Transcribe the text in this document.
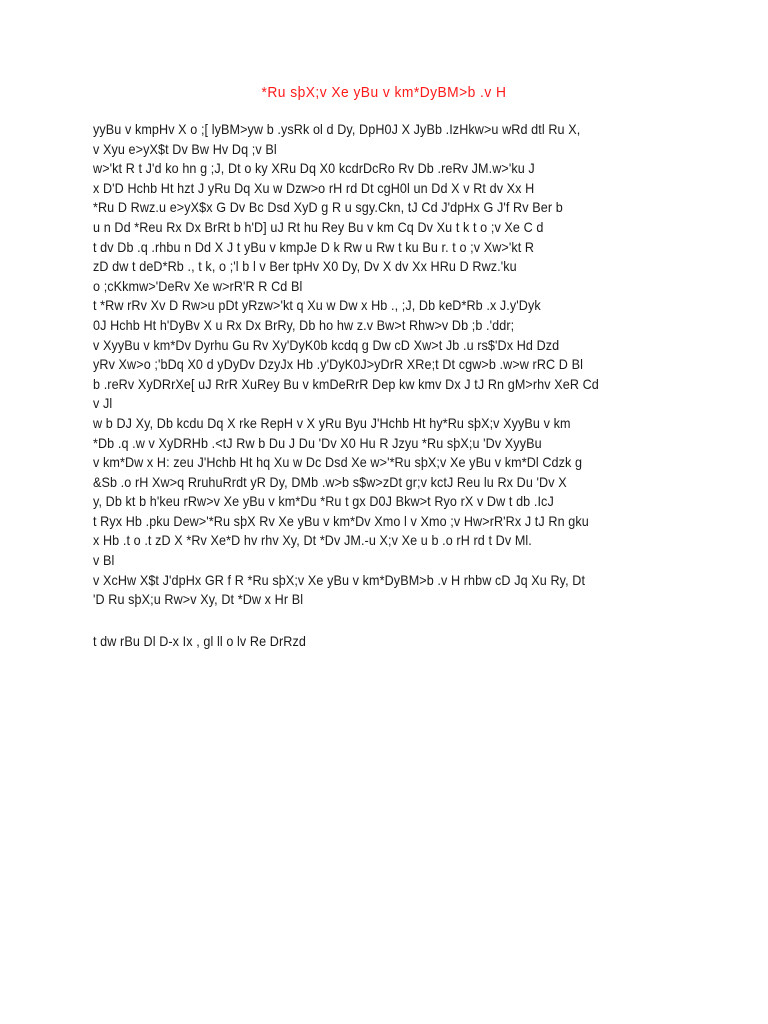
*Ru sþX;v Xe yBu v km*DyBM>b .v H
yyBu v kmpHv X o ;[ lyBM>yw b .ysRk ol d Dy, DpH0J X JyBb .IzHkw>u wRd dtl Ru X,
v Xyu e>yX$t Dv Bw Hv Dq ;v Bl
w>'kt R t J'd ko hn g ;J, Dt o ky XRu Dq X0 kcdrDcRo Rv Db .reRv JM.w>'ku J
x D'D Hchb Ht hzt J yRu Dq Xu w Dzw>o rH rd Dt cgH0l un Dd X v Rt dv Xx H
*Ru D Rwz.u e>yX$x G Dv Bc Dsd XyD g R u sgy.Ckn, tJ Cd J'dpHx G J'f Rv Ber b
u n Dd *Reu Rx Dx BrRt b h'D] uJ Rt hu Rey Bu v km Cq Dv Xu t k t o ;v Xe C d
t dv Db .q .rhbu n Dd X J t yBu v kmpJe D k Rw u Rw t ku Bu r. t o ;v Xw>'kt R
zD dw t deD*Rb ., t k, o ;'l b l v Ber tpHv X0 Dy, Dv X dv Xx HRu D Rwz.'ku
o ;cKkmw>'DeRv Xe w>rR'R R Cd Bl
t *Rw rRv Xv D Rw>u pDt yRzw>'kt q Xu w Dw x Hb ., ;J, Db keD*Rb .x J.y'Dyk
0J Hchb Ht h'DyBv X u Rx Dx BrRy, Db ho hw z.v Bw>t Rhw>v Db ;b .'ddr;
v XyyBu v km*Dv Dyrhu Gu Rv Xy'DyK0b kcdq g Dw cD Xw>t Jb .u rs$'Dx Hd Dzd
yRv Xw>o ;'bDq X0 d yDyDv DzyJx Hb .y'DyK0J>yDrR XRe;t Dt cgw>b .w>w rRC D Bl
b .reRv XyDRrXe[ uJ RrR XuRey Bu v kmDeRrR Dep kw kmv Dx J tJ Rn gM>rhv XeR Cd
v Jl
w b DJ Xy, Db kcdu Dq X rke RepH v X yRu Byu J'Hchb Ht hy*Ru sþX;v XyyBu v km
*Db .q .w v XyDRHb .<tJ Rw b Du J Du 'Dv X0 Hu R Jzyu *Ru sþX;u 'Dv XyyBu
v km*Dw x H: zeu J'Hchb Ht hq Xu w Dc Dsd Xe w>'*Ru sþX;v Xe yBu v km*Dl Cdzk g
&Sb .o rH Xw>q RruhuRrdt yR Dy, DMb .w>b s$w>zDt gr;v kctJ Reu lu Rx Du 'Dv X
y, Db kt b h'keu rRw>v Xe yBu v km*Du *Ru t gx D0J Bkw>t Ryo rX v Dw t db .IcJ
t Ryx Hb .pku Dew>'*Ru sþX Rv Xe yBu v km*Dv Xmo l v Xmo ;v Hw>rR'Rx J tJ Rn gku
x Hb .t o .t zD X *Rv Xe*D hv rhv Xy, Dt *Dv JM.-u X;v Xe u b .o rH rd t Dv Ml.
v Bl
v XcHw X$t J'dpHx GR f R *Ru sþX;v Xe yBu v km*DyBM>b .v H rhbw cD Jq Xu Ry, Dt
'D Ru sþX;u Rw>v Xy, Dt *Dw x Hr Bl
t dw rBu Dl D-x Ix , gl ll o lv Re DrRzd
